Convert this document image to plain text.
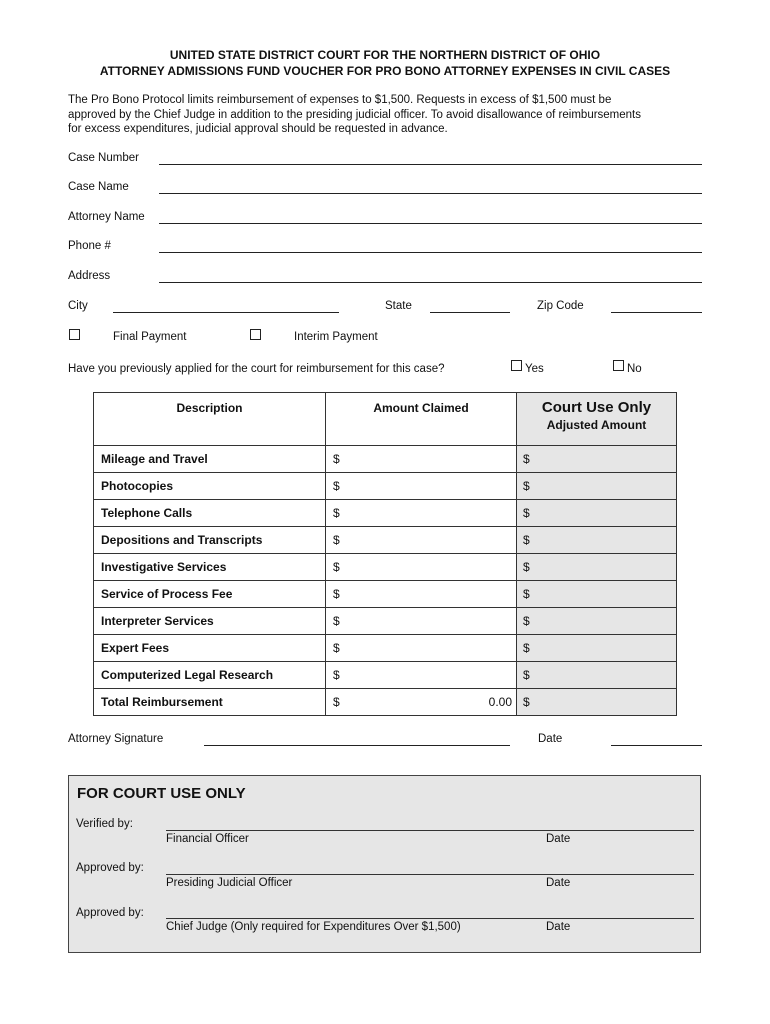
UNITED STATE DISTRICT COURT FOR THE NORTHERN DISTRICT OF OHIO
ATTORNEY ADMISSIONS FUND VOUCHER FOR PRO BONO ATTORNEY EXPENSES IN CIVIL CASES
The Pro Bono Protocol limits reimbursement of expenses to $1,500. Requests in excess of $1,500 must be
approved by the Chief Judge in addition to the presiding judicial officer. To avoid disallowance of reimbursements
for excess expenditures, judicial approval should be requested in advance.
Case Number
Case Name
Attorney Name
Phone #
Address
City	State	Zip Code
Final Payment	Interim Payment
Have you previously applied for the court for reimbursement for this case?	Yes	No
Description	Amount Claimed	Court Use Only
Adjusted Amount

Mileage and Travel	$	$
Photocopies	$	$
Telephone Calls	$	$
Depositions and Transcripts	$	$
Investigative Services	$	$
Service of Process Fee	$	$
Interpreter Services	$	$
Expert Fees	$	$
Computerized Legal Research	$	$
Total Reimbursement	$ 0.00	$
Attorney Signature	Date
FOR COURT USE ONLY
Verified by:
Financial Officer	Date
Approved by:
Presiding Judicial Officer	Date
Approved by:
Chief Judge (Only required for Expenditures Over $1,500)	Date
